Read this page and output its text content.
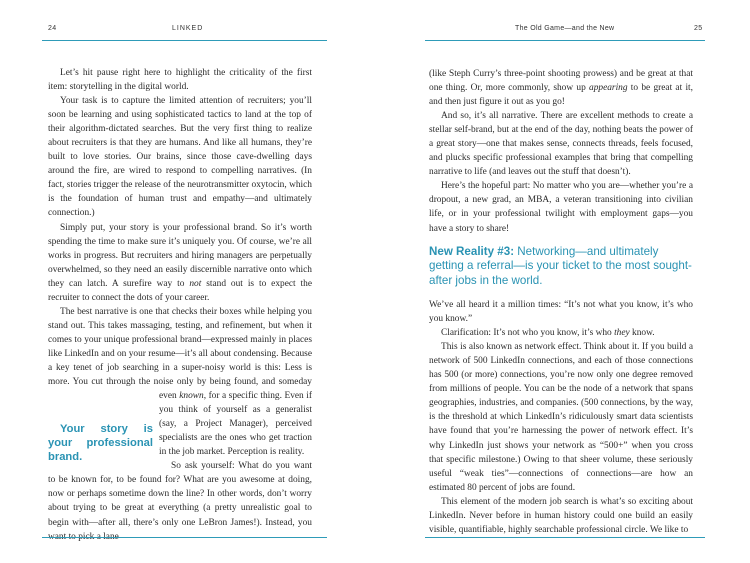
24	LINKED

Let’s hit pause right here to highlight the criticality of the first item: storytelling in the digital world.

Your task is to capture the limited attention of recruiters; you’ll soon be learning and using sophisticated tactics to land at the top of their algorithm-dictated searches. But the very first thing to realize about recruiters is that they are humans. And like all humans, they’re built to love stories. Our brains, since those cave-dwelling days around the fire, are wired to respond to compelling narratives. (In fact, stories trigger the release of the neurotransmitter oxytocin, which is the foundation of human trust and empathy—and ultimately connection.)

Simply put, your story is your professional brand. So it’s worth spending the time to make sure it’s uniquely you. Of course, we’re all works in progress. But recruiters and hiring managers are perpetually overwhelmed, so they need an easily discernible narrative onto which they can latch. A surefire way to not stand out is to expect the recruiter to connect the dots of your career.

The best narrative is one that checks their boxes while helping you stand out. This takes massaging, testing, and refinement, but when it comes to your unique professional brand—expressed mainly in places like LinkedIn and on your resume—it’s all about condensing. Because a key tenet of job searching in a super-noisy world is this: Less is more. You cut through the noise only by being found, and someday even
Your story is your professional brand.
known, for a specific thing. Even if you think of yourself as a generalist (say, a Project Manager), perceived specialists are the ones who get traction in the job market. Perception is reality.

So ask yourself: What do you want to be known for, to be found for? What are you awesome at doing, now or perhaps sometime down the line? In other words, don’t worry about trying to be great at everything (a pretty unrealistic goal to begin with—after all, there’s only one LeBron James!). Instead, you

The Old Game—and the New	25

(like Steph Curry’s three-point shooting prowess) and be great at that one thing. Or, more commonly, show up appearing to be great at it, and then just figure it out as you go!

And so, it’s all narrative. There are excellent methods to create a stellar self-brand, but at the end of the day, nothing beats the power of a great story—one that makes sense, connects threads, feels focused, and plucks specific professional examples that bring that compelling narrative to life (and leaves out the stuff that doesn’t).

Here’s the hopeful part: No matter who you are—whether you’re a dropout, a new grad, an MBA, a veteran transitioning into civilian life, or in your professional twilight with employment gaps—you have a story to share!

New Reality #3: Networking—and ultimately getting a referral—is your ticket to the most sought-after jobs in the world.

We’ve all heard it a million times: “It’s not what you know, it’s who you know.”

Clarification: It’s not who you know, it’s who they know.

This is also known as network effect. Think about it. If you build a network of 500 LinkedIn connections, and each of those connections has 500 (or more) connections, you’re now only one degree removed from millions of people. You can be the node of a network that spans geographies, industries, and companies. (500 connections, by the way, is the threshold at which LinkedIn’s ridiculously smart data scientists have found that you’re harnessing the power of network effect. It’s why LinkedIn just shows your network as “500+” when you cross that specific milestone.) Owing to that sheer volume, these seriously useful “weak ties”—connections of connections—are how an estimated 80 percent of jobs are found.

This element of the modern job search is what’s so exciting about LinkedIn. Never before in human history could one build an easily visible, quantifiable, highly searchable professional circle. We like to
